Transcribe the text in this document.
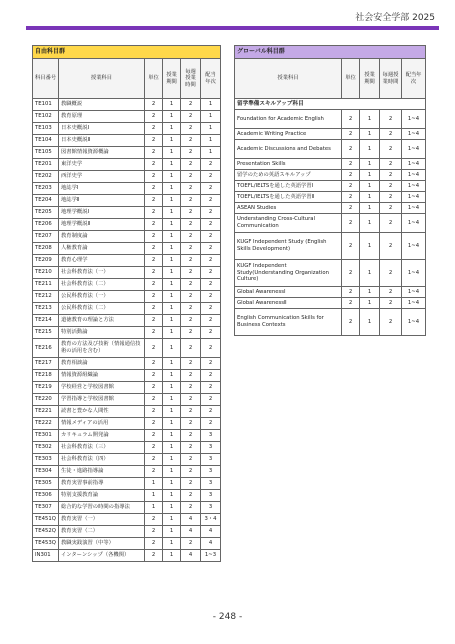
社会安全学部 2025
自由科目群					
科目番号	授業科目	単位	授業期間	毎週授業時間	配当年次
TE101	教職概説	2	1	2	1
TE102	教育原理	2	1	2	1
TE103	日本史概説Ⅰ	2	1	2	1
TE104	日本史概説Ⅱ	2	1	2	1
TE105	図書館情報資源概論	2	1	2	1
TE201	東洋史学	2	1	2	2
TE202	西洋史学	2	1	2	2
TE203	地誌学Ⅰ	2	1	2	2
TE204	地誌学Ⅱ	2	1	2	2
TE205	地理学概説Ⅰ	2	1	2	2
TE206	地理学概説Ⅱ	2	1	2	2
TE207	教育制度論	2	1	2	2
TE208	人権教育論	2	1	2	2
TE209	教育心理学	2	1	2	2
TE210	社会科教育法（一）	2	1	2	2
TE211	社会科教育法（二）	2	1	2	2
TE212	公民科教育法（一）	2	1	2	2
TE213	公民科教育法（二）	2	1	2	2
TE214	道徳教育の理論と方法	2	1	2	2
TE215	特別活動論	2	1	2	2
TE216	教育の方法及び技術（情報通信技術の活用を含む）	2	1	2	2
TE217	教育相談論	2	1	2	2
TE218	情報資源組織論	2	1	2	2
TE219	学校経営と学校図書館	2	1	2	2
TE220	学習指導と学校図書館	2	1	2	2
TE221	読書と豊かな人間性	2	1	2	2
TE222	情報メディアの活用	2	1	2	2
TE301	カリキュラム開発論	2	1	2	3
TE302	社会科教育法（三）	2	1	2	3
TE303	社会科教育法（四）	2	1	2	3
TE304	生徒・進路指導論	2	1	2	3
TE305	教育実習事前指導	1	1	2	3
TE306	特別支援教育論	1	1	2	3
TE307	総合的な学習の時間の指導法	1	1	2	3
TE451Q	教育実習（一）	2	1	4	3・4
TE452Q	教育実習（二）	2	1	4	4
TE453Q	教職実践演習（中等）	2	1	2	4
IN301	インターンシップ（各機関）	2	1	4	1~3
グローバル科目群				
授業科目	単位	授業期間	毎週授業時間	配当年次
留学準備スキルアップ科目				
Foundation for Academic English	2	1	2	1~4
Academic Writing Practice	2	1	2	1~4
Academic Discussions and Debates	2	1	2	1~4
Presentation Skills	2	1	2	1~4
留学のための英語スキルアップ	2	1	2	1~4
TOEFL/IELTSを通した英語学習Ⅰ	2	1	2	1~4
TOEFL/IELTSを通した英語学習Ⅱ	2	1	2	1~4
ASEAN Studies	2	1	2	1~4
Understanding Cross-Cultural Communication	2	1	2	1~4
KUGF Independent Study (English Skills Development)	2	1	2	1~4
KUGF Independent Study(Understanding Organization Culture)	2	1	2	1~4
Global AwarenessⅠ	2	1	2	1~4
Global AwarenessⅡ	2	1	2	1~4
English Communication Skills for Business Contexts	2	1	2	1~4
- 248 -
